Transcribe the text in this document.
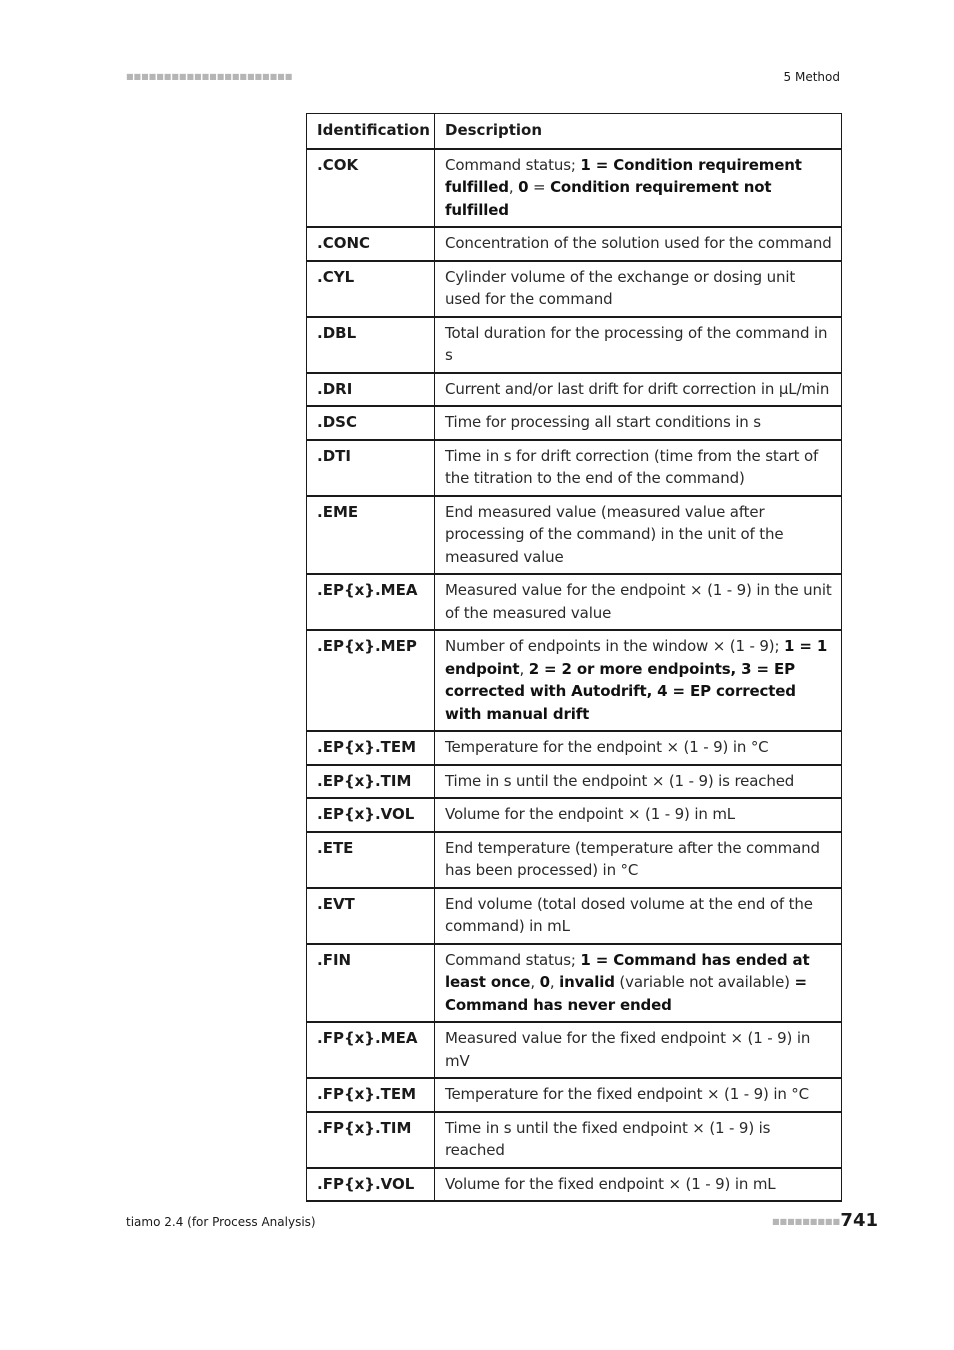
■■■■■■■■■■■■■■■■■■■■■■	5 Method
Identification	Description
.COK	Command status; 1 = Condition requirement fulfilled, 0 = Condition requirement not fulfilled
.CONC	Concentration of the solution used for the command
.CYL	Cylinder volume of the exchange or dosing unit used for the command
.DBL	Total duration for the processing of the command in s
.DRI	Current and/or last drift for drift correction in µL/min
.DSC	Time for processing all start conditions in s
.DTI	Time in s for drift correction (time from the start of the titration to the end of the command)
.EME	End measured value (measured value after processing of the command) in the unit of the measured value
.EP{x}.MEA	Measured value for the endpoint × (1 - 9) in the unit of the measured value
.EP{x}.MEP	Number of endpoints in the window × (1 - 9); 1 = 1 endpoint, 2 = 2 or more endpoints, 3 = EP corrected with Autodrift, 4 = EP corrected with manual drift
.EP{x}.TEM	Temperature for the endpoint × (1 - 9) in °C
.EP{x}.TIM	Time in s until the endpoint × (1 - 9) is reached
.EP{x}.VOL	Volume for the endpoint × (1 - 9) in mL
.ETE	End temperature (temperature after the command has been processed) in °C
.EVT	End volume (total dosed volume at the end of the command) in mL
.FIN	Command status; 1 = Command has ended at least once, 0, invalid (variable not available) = Command has never ended
.FP{x}.MEA	Measured value for the fixed endpoint × (1 - 9) in mV
.FP{x}.TEM	Temperature for the fixed endpoint × (1 - 9) in °C
.FP{x}.TIM	Time in s until the fixed endpoint × (1 - 9) is reached
.FP{x}.VOL	Volume for the fixed endpoint × (1 - 9) in mL
tiamo 2.4 (for Process Analysis)	■■■■■■■■■ 741
